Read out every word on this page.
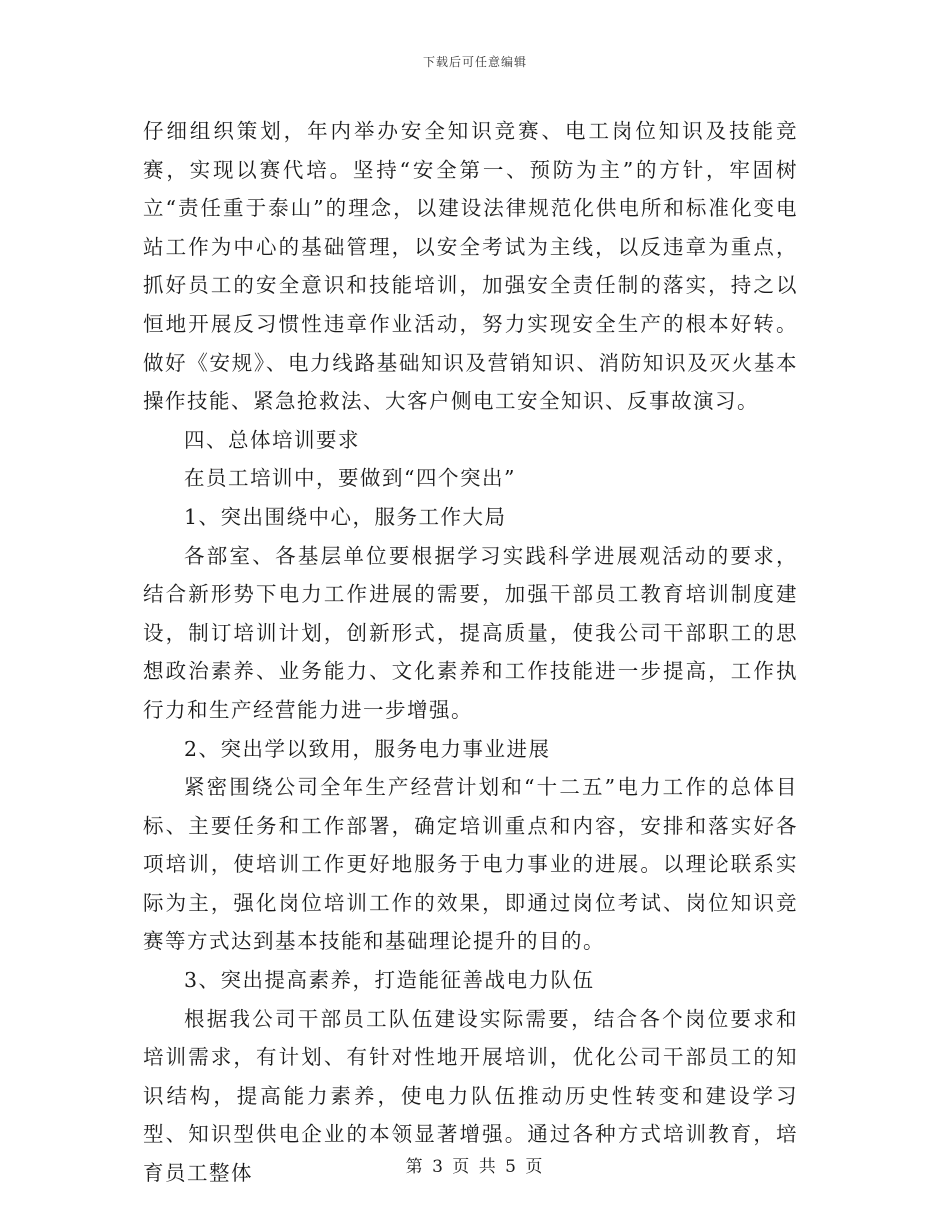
下载后可任意编辑

仔细组织策划，年内举办安全知识竞赛、电工岗位知识及技能竞赛，实现以赛代培。坚持“安全第一、预防为主”的方针，牢固树立“责任重于泰山”的理念，以建设法律规范化供电所和标准化变电站工作为中心的基础管理，以安全考试为主线，以反违章为重点，抓好员工的安全意识和技能培训，加强安全责任制的落实，持之以恒地开展反习惯性违章作业活动，努力实现安全生产的根本好转。做好《安规》、电力线路基础知识及营销知识、消防知识及灭火基本操作技能、紧急抢救法、大客户侧电工安全知识、反事故演习。

四、总体培训要求

在员工培训中，要做到“四个突出”

1、突出围绕中心，服务工作大局

各部室、各基层单位要根据学习实践科学进展观活动的要求，结合新形势下电力工作进展的需要，加强干部员工教育培训制度建设，制订培训计划，创新形式，提高质量，使我公司干部职工的思想政治素养、业务能力、文化素养和工作技能进一步提高，工作执行力和生产经营能力进一步增强。

2、突出学以致用，服务电力事业进展

紧密围绕公司全年生产经营计划和“十二五”电力工作的总体目标、主要任务和工作部署，确定培训重点和内容，安排和落实好各项培训，使培训工作更好地服务于电力事业的进展。以理论联系实际为主，强化岗位培训工作的效果，即通过岗位考试、岗位知识竞赛等方式达到基本技能和基础理论提升的目的。

3、突出提高素养，打造能征善战电力队伍

根据我公司干部员工队伍建设实际需要，结合各个岗位要求和培训需求，有计划、有针对性地开展培训，优化公司干部员工的知识结构，提高能力素养，使电力队伍推动历史性转变和建设学习型、知识型供电企业的本领显著增强。通过各种方式培训教育，培育员工整体	第 3 页 共 5 页
